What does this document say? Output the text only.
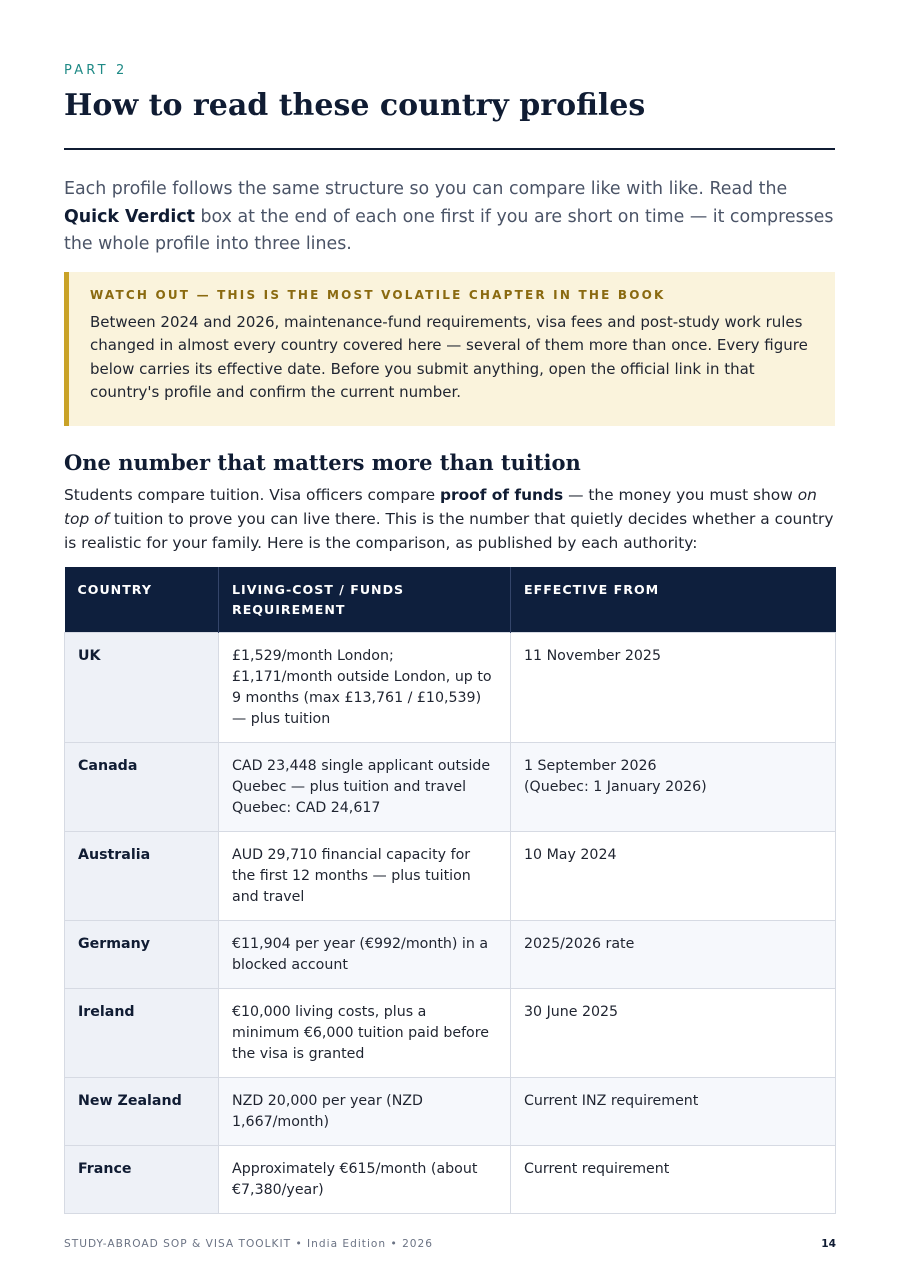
PART 2
How to read these country profiles

Each profile follows the same structure so you can compare like with like. Read the Quick Verdict box at the end of each one first if you are short on time — it compresses the whole profile into three lines.

WATCH OUT — THIS IS THE MOST VOLATILE CHAPTER IN THE BOOK

Between 2024 and 2026, maintenance-fund requirements, visa fees and post-study work rules changed in almost every country covered here — several of them more than once. Every figure below carries its effective date. Before you submit anything, open the official link in that country's profile and confirm the current number.

One number that matters more than tuition

Students compare tuition. Visa officers compare proof of funds — the money you must show on top of tuition to prove you can live there. This is the number that quietly decides whether a country is realistic for your family. Here is the comparison, as published by each authority:

COUNTRY	LIVING-COST / FUNDS REQUIREMENT	EFFECTIVE FROM
UK	£1,529/month London; £1,171/month outside London, up to 9 months (max £13,761 / £10,539) — plus tuition	11 November 2025
Canada	CAD 23,448 single applicant outside Quebec — plus tuition and travel Quebec: CAD 24,617	1 September 2026
(Quebec: 1 January 2026)
Australia	AUD 29,710 financial capacity for the first 12 months — plus tuition and travel	10 May 2024
Germany	€11,904 per year (€992/month) in a blocked account	2025/2026 rate
Ireland	€10,000 living costs, plus a minimum €6,000 tuition paid before the visa is granted	30 June 2025
New Zealand	NZD 20,000 per year (NZD 1,667/month)	Current INZ requirement
France	Approximately €615/month (about €7,380/year)	Current requirement
STUDY-ABROAD SOP & VISA TOOLKIT • India Edition • 2026	14
